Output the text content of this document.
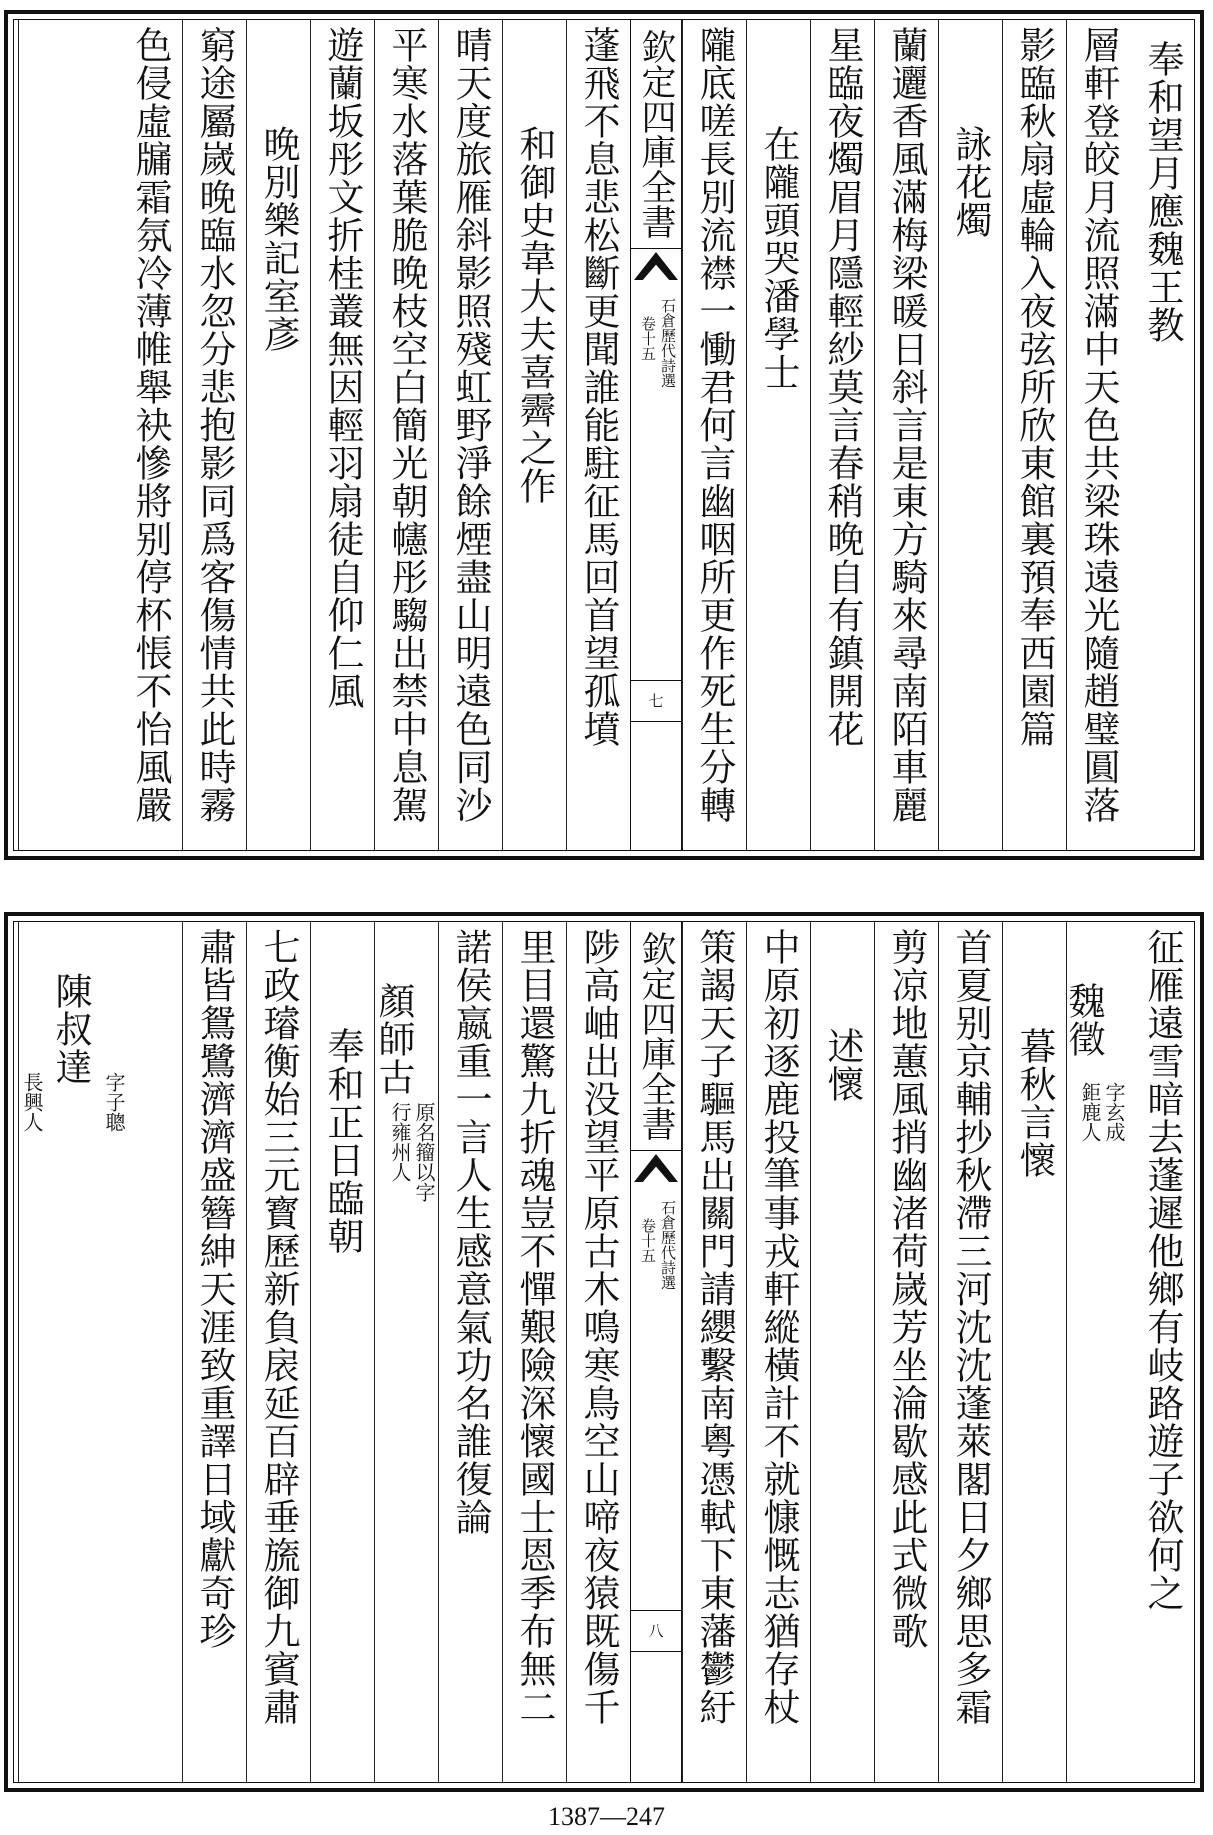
奉和望月應魏王教
層軒登皎月流照滿中天色共梁珠遠光隨趙璧圓落
影臨秋扇虛輪入夜弦所欣東館裏預奉西園篇
詠花燭
蘭邐香風滿梅梁暖日斜言是東方騎來尋南陌車麗
星臨夜燭眉月隱輕紗莫言春稍晚自有鎮開花
在隴頭哭潘學士
隴底嗟長別流襟一慟君何言幽咽所更作死生分轉
欽定四庫全書
石倉歷代詩選
卷十五
七
蓬飛不息悲松斷更聞誰能駐征馬回首望孤墳
和御史韋大夫喜霽之作
晴天度旅雁斜影照殘虹野淨餘煙盡山明遠色同沙
平寒水落葉脆晚枝空白簡光朝幰彤騶出禁中息駕
遊蘭坂彤文折桂叢無因輕羽扇徒自仰仁風
晚別樂記室彥
窮途屬嵗晚臨水忽分悲抱影同爲客傷情共此時霧
色侵虛牖霜氛冷薄帷舉袂慘將别停杯悵不怡風嚴
征雁遠雪暗去蓬遲他鄉有岐路遊子欲何之
魏徵
字玄成
鉅鹿人
暮秋言懷
首夏别京輔抄秋滯三河沈沈蓬萊閣日夕鄉思多霜
剪凉地蕙風捎幽渚荷嵗芳坐淪歇感此式微歌
述懷
中原初逐鹿投筆事戎軒縱橫計不就慷慨志猶存杖
策謁天子驅馬出關門請纓繫南粵憑軾下東藩鬱紆
欽定四庫全書
石倉歷代詩選
卷十五
八
陟高岫出没望平原古木鳴寒鳥空山啼夜猿既傷千
里目還驚九折魂豈不憚艱險深懷國士恩季布無二
諾侯嬴重一言人生感意氣功名誰復論
顏師古
原名籀以字
行雍州人
奉和正日臨朝
七政璿衡始三元寳歷新負扆延百辟垂旒御九賓肅
肅皆鴛鷺濟濟盛簪紳天涯致重譯日域獻奇珍
陳叔達
字子聰
長興人
1387—247
